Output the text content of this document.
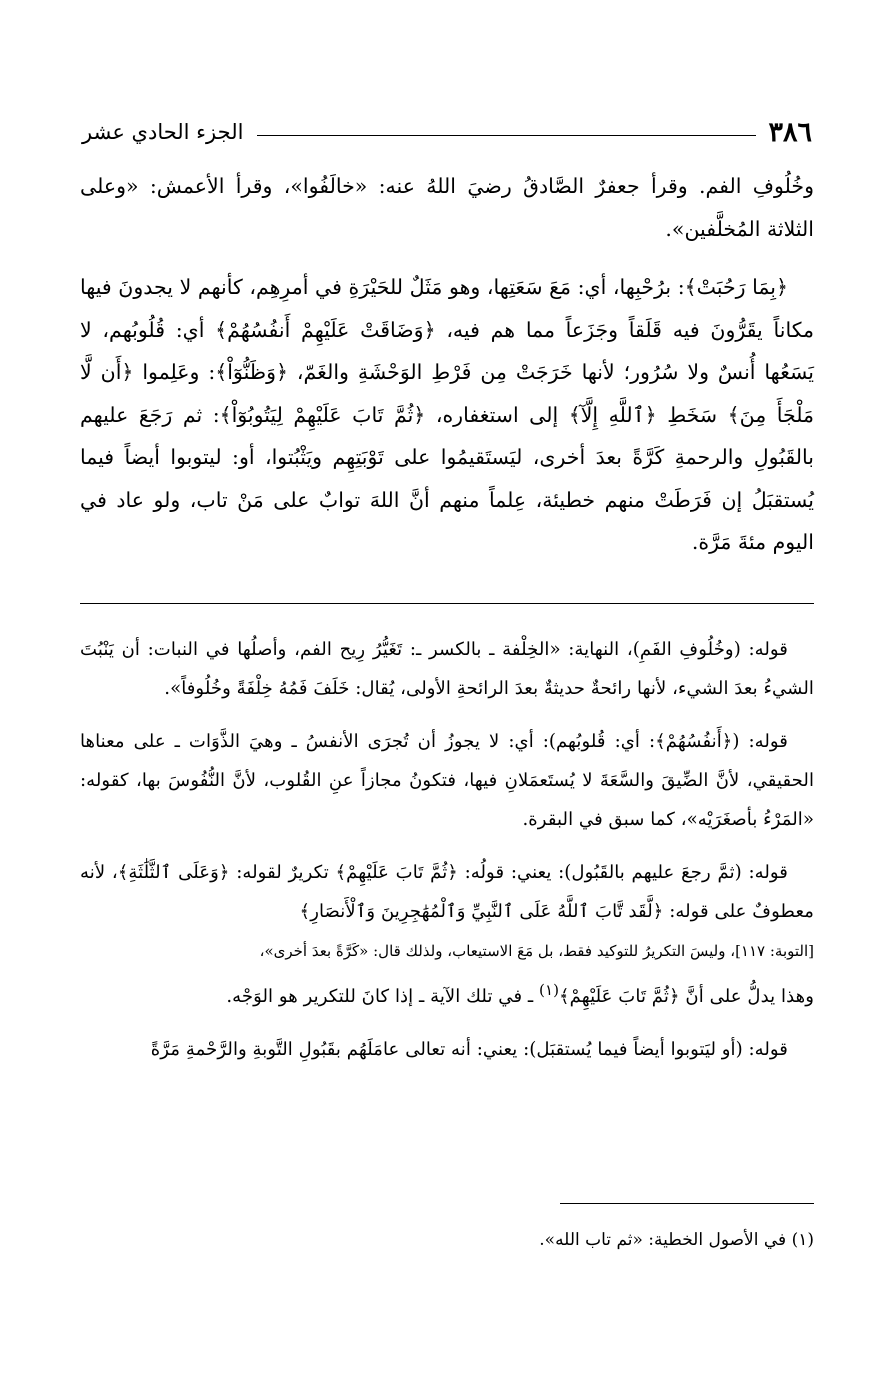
٣٨٦
الجزء الحادي عشر

وخُلُوفِ الفم. وقرأ جعفرٌ الصَّادقُ رضيَ اللهُ عنه: «خالَفُوا»، وقرأ الأعمش: «وعلى الثلاثة المُخلَّفين».

﴿بِمَا رَحُبَتْ﴾: برُحْبِها، أي: مَعَ سَعَتِها، وهو مَثَلٌ للحَيْرَةِ في أمرِهِم، كأنهم لا يجدونَ فيها مكاناً يقَرُّونَ فيه قَلَقاً وجَزَعاً مما هم فيه، ﴿وَضَاقَتْ عَلَيْهِمْ أَنفُسُهُمْ﴾ أي: قُلُوبُهم، لا يَسَعُها أُنسٌ ولا سُرُور؛ لأنها خَرَجَتْ مِن فَرْطِ الوَحْشَةِ والغَمّ، ﴿وَظَنُّوٓاْ﴾: وعَلِموا ﴿أَن لَّا مَلْجَأَ مِنَ﴾ سَخَطِ ﴿ٱللَّهِ إِلَّآ﴾ إلى استغفاره، ﴿ثُمَّ تَابَ عَلَيْهِمْ لِيَتُوبُوٓاْ﴾: ثم رَجَعَ عليهم بالقَبُولِ والرحمةِ كَرَّةً بعدَ أخرى، ليَستَقيمُوا على تَوْبَتِهِم ويَثْبُتوا، أو: ليتوبوا أيضاً فيما يُستقبَلُ إن فَرَطَتْ منهم خطيئة، عِلماً منهم أنَّ اللهَ توابٌ على مَنْ تاب، ولو عاد في اليوم مئةَ مَرَّة.

قوله: (وخُلُوفِ الفَمِ)، النهاية: «الخِلْفة ـ بالكسر ـ: تَغَيُّرُ رِيح الفم، وأصلُها في النبات: أن يَنْبُتَ الشيءُ بعدَ الشيء، لأنها رائحةٌ حديثةٌ بعدَ الرائحةِ الأولى، يُقال: خَلَفَ فَمُهُ خِلْفَةً وخُلُوفاً».

قوله: (﴿أَنفُسُهُمْ﴾: أي: قُلوبُهم): أي: لا يجوزُ أن تُجرَى الأنفسُ ـ وهيَ الذَّوَات ـ على معناها الحقيقي، لأنَّ الضِّيقَ والسَّعَةَ لا يُستَعمَلانِ فيها، فتكونُ مجازاً عنِ القُلوب، لأنَّ النُّفُوسَ بها، كقوله: «المَرْءُ بأصغَرَيْه»، كما سبق في البقرة.

قوله: (ثمَّ رجعَ عليهم بالقَبُول): يعني: قولُه: ﴿ثُمَّ تَابَ عَلَيْهِمْ﴾ تكريرٌ لقوله: ﴿وَعَلَى ٱلثَّلَٰثَةِ﴾، لأنه معطوفٌ على قوله: ﴿لَّقَد تَّابَ ٱللَّهُ عَلَى ٱلنَّبِيِّ وَٱلْمُهَٰجِرِينَ وَٱلْأَنصَارِ﴾

[التوبة: ١١٧]، وليسَ التكريرُ للتوكيد فقط، بل مَعَ الاستيعاب، ولذلك قال: «كَرَّةً بعدَ أخرى»،
وهذا يدلُّ على أنَّ ﴿ثُمَّ تَابَ عَلَيْهِمْ﴾$^{(١)}$ ـ في تلك الآية ـ إذا كانَ للتكرير هو الوَجْه.

قوله: (أو ليَتوبوا أيضاً فيما يُستقبَل): يعني: أنه تعالى عامَلَهُم بقَبُولِ التَّوبةِ والرَّحْمةِ مَرَّةً

(١) في الأصول الخطية: «ثم تاب الله».
